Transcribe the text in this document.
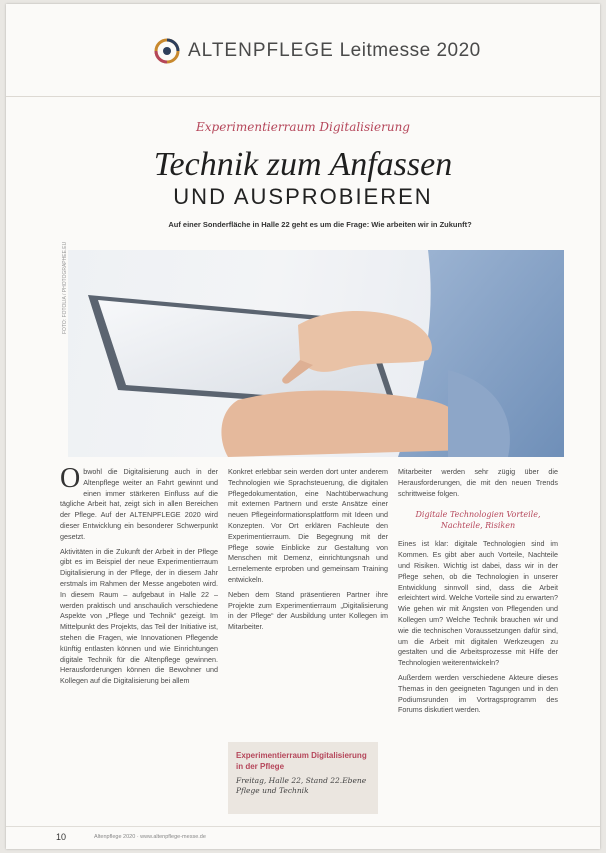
ALTENPFLEGE Leitmesse 2020
Experimentierraum Digitalisierung
Technik zum Anfassen
UND AUSPROBIEREN
Auf einer Sonderfläche in Halle 22 geht es um die Frage: Wie arbeiten wir in Zukunft?
FOTO: FOTOLIA / PHOTOGRAPHEE.EU

Obwohl die Digitalisierung auch in der Altenpflege weiter an Fahrt gewinnt und einen immer stärkeren Einfluss auf die tägliche Arbeit hat, zeigt sich in allen Bereichen der Pflege. Auf der ALTENPFLEGE 2020 wird dieser Entwicklung ein besonderer Schwerpunkt gesetzt.

Aktivitäten in die Zukunft der Arbeit in der Pflege gibt es im Beispiel der neue Experimentierraum Digitalisierung in der Pflege, der in diesem Jahr erstmals im Rahmen der Messe angeboten wird. In diesem Raum – aufgebaut in Halle 22 – werden praktisch und anschaulich verschiedene Aspekte von „Pflege und Technik“ gezeigt. Im Mittelpunkt des Projekts, das Teil der Initiative ist, stehen die Fragen, wie Innovationen Pflegende künftig entlasten können und wie Einrichtungen digitale Technik für die Altenpflege gewinnen. Herausforderungen können die Bewohner und Kollegen auf die Digitalisierung bei allem

Konkret erlebbar sein werden dort unter anderem Technologien wie Sprachsteuerung, die digitalen Pflegedokumentation, eine Nachtüberwachung mit externen Partnern und erste Ansätze einer neuen Pflegeinformationsplattform mit Ideen und Konzepten. Vor Ort erklären Fachleute den Experimentierraum. Die Begegnung mit der Pflege sowie Einblicke zur Gestaltung von Menschen mit Demenz, einrichtungsnah und Lernelemente erproben und gemeinsam Training entwickeln.

Neben dem Stand präsentieren Partner ihre Projekte zum Experimentierraum „Digitalisierung in der Pflege“ der Ausbildung unter Kollegen im Mitarbeiter.

Experimentierraum Digitalisierung in der Pflege
Freitag, Halle 22, Stand 22.Ebene Pflege und Technik

Mitarbeiter werden sehr zügig über die Herausforderungen, die mit den neuen Trends schrittweise folgen.

Digitale Technologien Vorteile, Nachteile, Risiken

Eines ist klar: digitale Technologien sind im Kommen. Es gibt aber auch Vorteile, Nachteile und Risiken. Wichtig ist dabei, dass wir in der Pflege sehen, ob die Technologien in unserer Entwicklung sinnvoll sind, dass die Arbeit erleichtert wird. Welche Vorteile sind zu erwarten? Wie gehen wir mit Ängsten von Pflegenden und Kollegen um? Welche Technik brauchen wir und wie die technischen Voraussetzungen dafür sind, um die Arbeit mit digitalen Werkzeugen zu gestalten und die Arbeitsprozesse mit Hilfe der Technologien weiterentwickeln?

Außerdem werden verschiedene Akteure dieses Themas in den geeigneten Tagungen und in den Podiumsrunden im Vortragsprogramm des Forums diskutiert werden.

10	Altenpflege 2020 · www.altenpflege-messe.de
